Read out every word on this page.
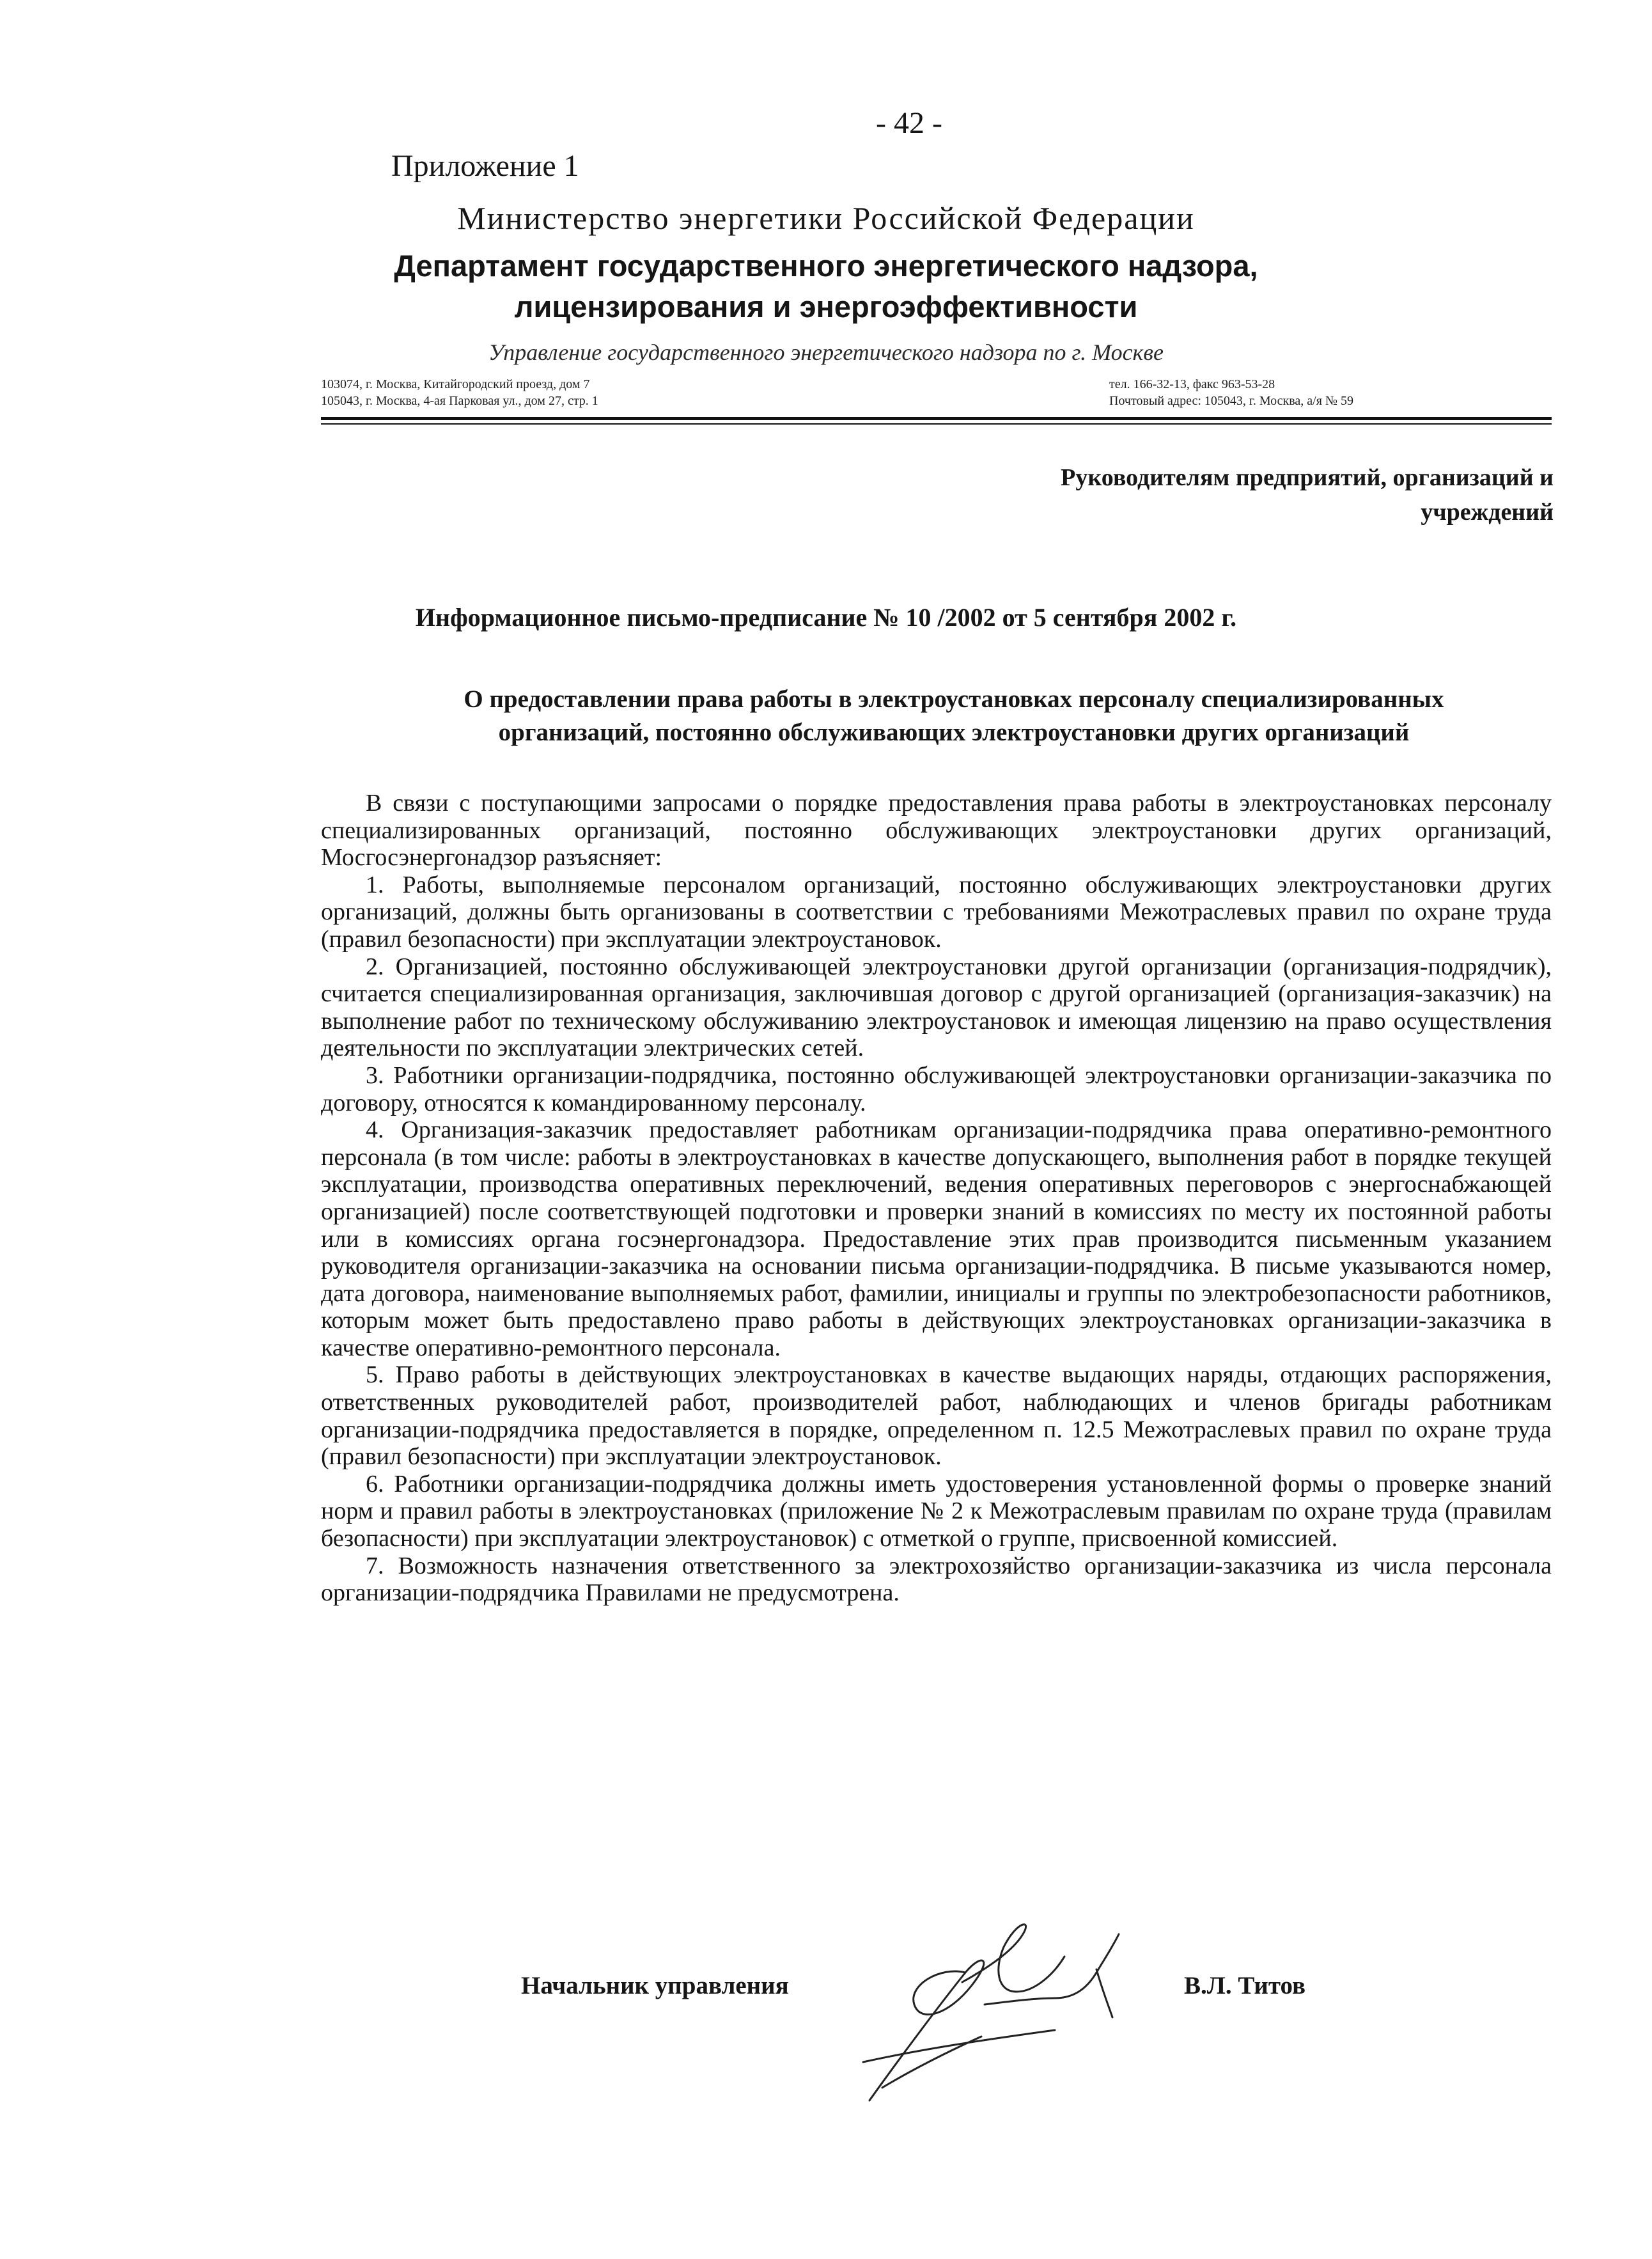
- 42 -
Приложение 1
Министерство энергетики Российской Федерации
Департамент государственного энергетического надзора,
лицензирования и энергоэффективности
Управление государственного энергетического надзора по г. Москве
103074, г. Москва, Китайгородский проезд, дом 7
105043, г. Москва, 4-ая Парковая ул., дом 27, стр. 1
тел. 166-32-13, факс 963-53-28
Почтовый адрес: 105043, г. Москва, а/я № 59
Руководителям предприятий, организаций и
учреждений
Информационное письмо-предписание № 10 /2002 от 5 сентября 2002 г.
О предоставлении права работы в электроустановках персоналу специализированных
организаций, постоянно обслуживающих электроустановки других организаций

В связи с поступающими запросами о порядке предоставления права работы в электроустановках персоналу специализированных организаций, постоянно обслуживающих электроустановки других организаций, Мосгосэнергонадзор разъясняет:

1. Работы, выполняемые персоналом организаций, постоянно обслуживающих электроустановки других организаций, должны быть организованы в соответствии с требованиями Межотраслевых правил по охране труда (правил безопасности) при эксплуатации электроустановок.

2. Организацией, постоянно обслуживающей электроустановки другой организации (организация-подрядчик), считается специализированная организация, заключившая договор с другой организацией (организация-заказчик) на выполнение работ по техническому обслуживанию электроустановок и имеющая лицензию на право осуществления деятельности по эксплуатации электрических сетей.

3. Работники организации-подрядчика, постоянно обслуживающей электроустановки организации-заказчика по договору, относятся к командированному персоналу.

4. Организация-заказчик предоставляет работникам организации-подрядчика права оперативно-ремонтного персонала (в том числе: работы в электроустановках в качестве допускающего, выполнения работ в порядке текущей эксплуатации, производства оперативных переключений, ведения оперативных переговоров с энергоснабжающей организацией) после соответствующей подготовки и проверки знаний в комиссиях по месту их постоянной работы или в комиссиях органа госэнергонадзора. Предоставление этих прав производится письменным указанием руководителя организации-заказчика на основании письма организации-подрядчика. В письме указываются номер, дата договора, наименование выполняемых работ, фамилии, инициалы и группы по электробезопасности работников, которым может быть предоставлено право работы в действующих электроустановках организации-заказчика в качестве оперативно-ремонтного персонала.

5. Право работы в действующих электроустановках в качестве выдающих наряды, отдающих распоряжения, ответственных руководителей работ, производителей работ, наблюдающих и членов бригады работникам организации-подрядчика предоставляется в порядке, определенном п. 12.5 Межотраслевых правил по охране труда (правил безопасности) при эксплуатации электроустановок.

6. Работники организации-подрядчика должны иметь удостоверения установленной формы о проверке знаний норм и правил работы в электроустановках (приложение № 2 к Межотраслевым правилам по охране труда (правилам безопасности) при эксплуатации электроустановок) с отметкой о группе, присвоенной комиссией.

7. Возможность назначения ответственного за электрохозяйство организации-заказчика из числа персонала организации-подрядчика Правилами не предусмотрена.

Начальник управления	В.Л. Титов
